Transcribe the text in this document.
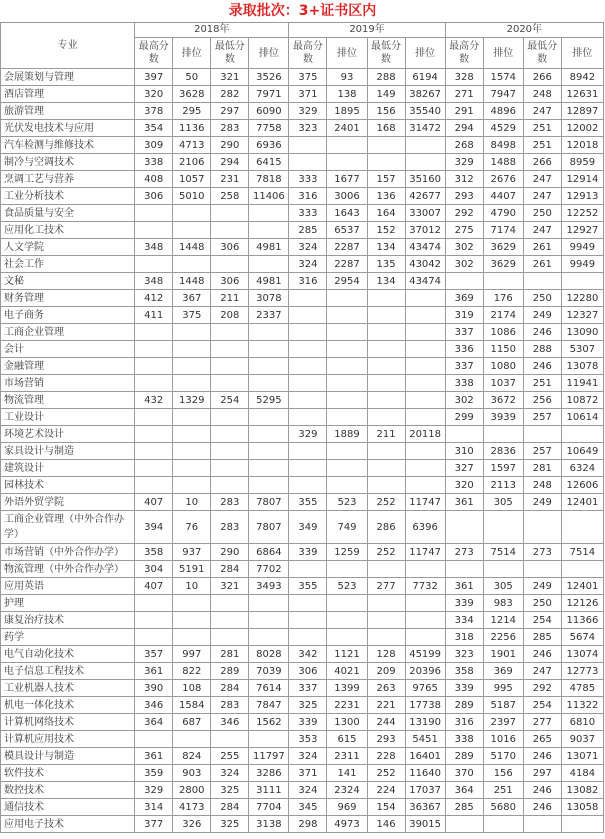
录取批次：3+证书区内
专业	2018年				2019年				2020年			
	最高分数	排位	最低分数	排位	最高分数	排位	最低分数	排位	最高分数	排位	最低分数	排位
会展策划与管理	397	50	321	3526	375	93	288	6194	328	1574	266	8942
酒店管理	320	3628	282	7971	371	138	149	38267	271	7947	248	12631
旅游管理	378	295	297	6090	329	1895	156	35540	291	4896	247	12897
光伏发电技术与应用	354	1136	283	7758	323	2401	168	31472	294	4529	251	12002
汽车检测与维修技术	309	4713	290	6936					268	8498	251	12018
制冷与空调技术	338	2106	294	6415					329	1488	266	8959
烹调工艺与营养	408	1057	231	7818	333	1677	157	35160	312	2676	247	12914
工业分析技术	306	5010	258	11406	316	3006	136	42677	293	4407	247	12913
食品质量与安全					333	1643	164	33007	292	4790	250	12252
应用化工技术					285	6537	152	37012	275	7174	247	12927
人文学院	348	1448	306	4981	324	2287	134	43474	302	3629	261	9949
社会工作					324	2287	135	43042	302	3629	261	9949
文秘	348	1448	306	4981	316	2954	134	43474				
财务管理	412	367	211	3078					369	176	250	12280
电子商务	411	375	208	2337					319	2174	249	12327
工商企业管理									337	1086	246	13090
会计									336	1150	288	5307
金融管理									337	1080	246	13078
市场营销									338	1037	251	11941
物流管理	432	1329	254	5295					302	3672	256	10872
工业设计									299	3939	257	10614
环境艺术设计					329	1889	211	20118				
家具设计与制造									310	2836	257	10649
建筑设计									327	1597	281	6324
园林技术									320	2113	248	12606
外语外贸学院	407	10	283	7807	355	523	252	11747	361	305	249	12401
工商企业管理（中外合作办学）	394	76	283	7807	349	749	286	6396				
市场营销（中外合作办学）	358	937	290	6864	339	1259	252	11747	273	7514	273	7514
物流管理（中外合作办学）	304	5191	284	7702								
应用英语	407	10	321	3493	355	523	277	7732	361	305	249	12401
护理									339	983	250	12126
康复治疗技术									334	1214	254	11366
药学									318	2256	285	5674
电气自动化技术	357	997	281	8028	342	1121	128	45199	323	1901	246	13074
电子信息工程技术	361	822	289	7039	306	4021	209	20396	358	369	247	12773
工业机器人技术	390	108	284	7614	337	1399	263	9765	339	995	292	4785
机电一体化技术	346	1584	283	7847	325	2231	221	17738	289	5187	254	11322
计算机网络技术	364	687	346	1562	339	1300	244	13190	316	2397	277	6810
计算机应用技术					353	615	293	5451	338	1016	265	9037
模具设计与制造	361	824	255	11797	324	2311	228	16401	289	5170	246	13071
软件技术	359	903	324	3286	371	141	252	11640	370	156	297	4184
数控技术	329	2800	325	3111	324	2324	224	17037	364	251	246	13082
通信技术	314	4173	284	7704	345	969	154	36367	285	5680	246	13058
应用电子技术	377	326	325	3138	298	4973	146	39015				
